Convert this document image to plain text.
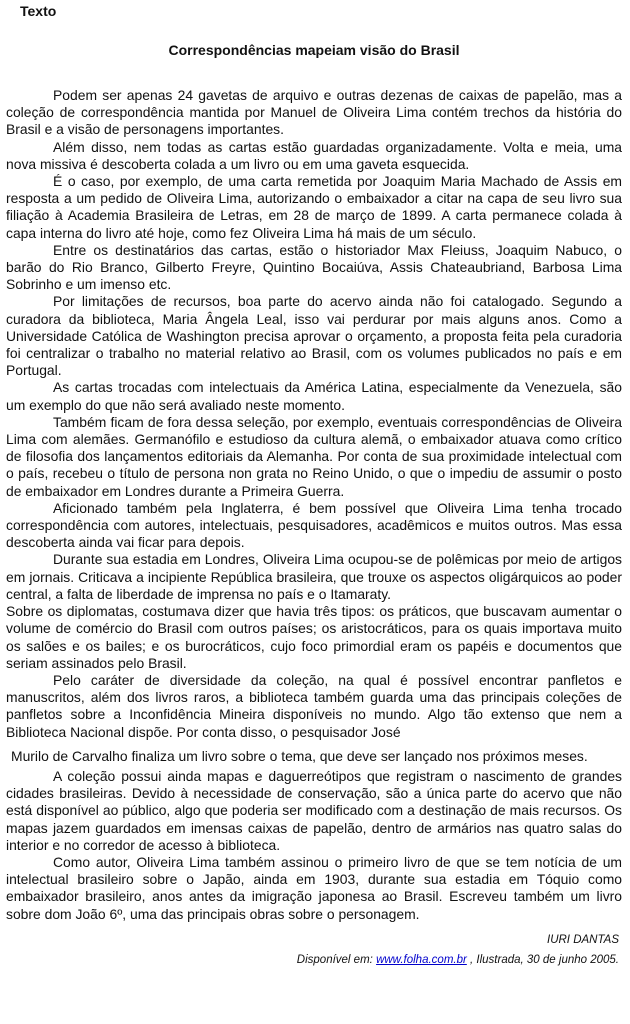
Texto
Correspondências mapeiam visão do Brasil

Podem ser apenas 24 gavetas de arquivo e outras dezenas de caixas de papelão, mas a coleção de correspondência mantida por Manuel de Oliveira Lima contém trechos da história do Brasil e a visão de personagens importantes.

Além disso, nem todas as cartas estão guardadas organizadamente. Volta e meia, uma nova missiva é descoberta colada a um livro ou em uma gaveta esquecida.

É o caso, por exemplo, de uma carta remetida por Joaquim Maria Machado de Assis em resposta a um pedido de Oliveira Lima, autorizando o embaixador a citar na capa de seu livro sua filiação à Academia Brasileira de Letras, em 28 de março de 1899. A carta permanece colada à capa interna do livro até hoje, como fez Oliveira Lima há mais de um século.

Entre os destinatários das cartas, estão o historiador Max Fleiuss, Joaquim Nabuco, o barão do Rio Branco, Gilberto Freyre, Quintino Bocaiúva, Assis Chateaubriand, Barbosa Lima Sobrinho e um imenso etc.

Por limitações de recursos, boa parte do acervo ainda não foi catalogado. Segundo a curadora da biblioteca, Maria Ângela Leal, isso vai perdurar por mais alguns anos. Como a Universidade Católica de Washington precisa aprovar o orçamento, a proposta feita pela curadoria foi centralizar o trabalho no material relativo ao Brasil, com os volumes publicados no país e em Portugal.

As cartas trocadas com intelectuais da América Latina, especialmente da Venezuela, são um exemplo do que não será avaliado neste momento.

Também ficam de fora dessa seleção, por exemplo, eventuais correspondências de Oliveira Lima com alemães. Germanófilo e estudioso da cultura alemã, o embaixador atuava como crítico de filosofia dos lançamentos editoriais da Alemanha. Por conta de sua proximidade intelectual com o país, recebeu o título de persona non grata no Reino Unido, o que o impediu de assumir o posto de embaixador em Londres durante a Primeira Guerra.

Aficionado também pela Inglaterra, é bem possível que Oliveira Lima tenha trocado correspondência com autores, intelectuais, pesquisadores, acadêmicos e muitos outros. Mas essa descoberta ainda vai ficar para depois.

Durante sua estadia em Londres, Oliveira Lima ocupou-se de polêmicas por meio de artigos em jornais. Criticava a incipiente República brasileira, que trouxe os aspectos oligárquicos ao poder central, a falta de liberdade de imprensa no país e o Itamaraty.

Sobre os diplomatas, costumava dizer que havia três tipos: os práticos, que buscavam aumentar o volume de comércio do Brasil com outros países; os aristocráticos, para os quais importava muito os salões e os bailes; e os burocráticos, cujo foco primordial eram os papéis e documentos que seriam assinados pelo Brasil.

Pelo caráter de diversidade da coleção, na qual é possível encontrar panfletos e manuscritos, além dos livros raros, a biblioteca também guarda uma das principais coleções de panfletos sobre a Inconfidência Mineira disponíveis no mundo. Algo tão extenso que nem a Biblioteca Nacional dispõe. Por conta disso, o pesquisador José

Murilo de Carvalho finaliza um livro sobre o tema, que deve ser lançado nos próximos meses.

A coleção possui ainda mapas e daguerreótipos que registram o nascimento de grandes cidades brasileiras. Devido à necessidade de conservação, são a única parte do acervo que não está disponível ao público, algo que poderia ser modificado com a destinação de mais recursos. Os mapas jazem guardados em imensas caixas de papelão, dentro de armários nas quatro salas do interior e no corredor de acesso à biblioteca.

Como autor, Oliveira Lima também assinou o primeiro livro de que se tem notícia de um intelectual brasileiro sobre o Japão, ainda em 1903, durante sua estadia em Tóquio como embaixador brasileiro, anos antes da imigração japonesa ao Brasil. Escreveu também um livro sobre dom João 6º, uma das principais obras sobre o personagem.

IURI DANTAS
Disponível em: www.folha.com.br , Ilustrada, 30 de junho 2005.
